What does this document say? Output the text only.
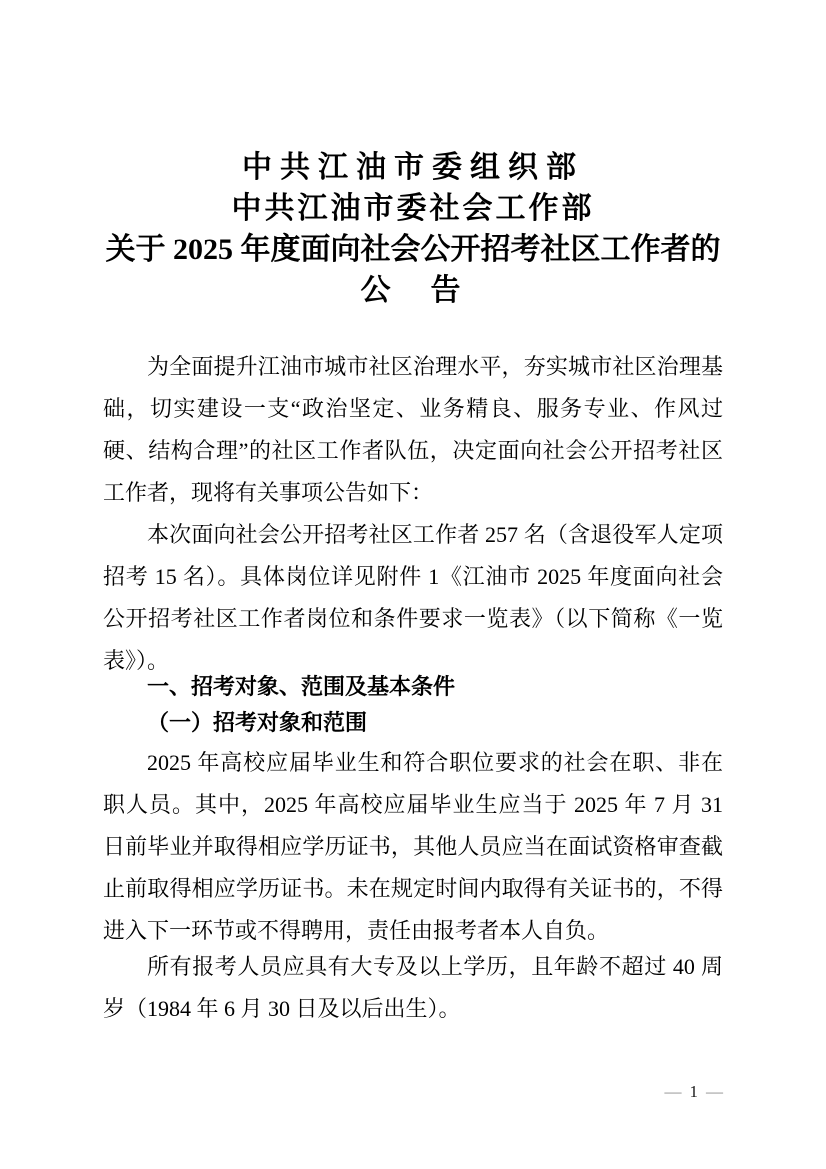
中共江油市委组织部
中共江油市委社会工作部
关于 2025 年度面向社会公开招考社区工作者的
公　告

为全面提升江油市城市社区治理水平，夯实城市社区治理基础，切实建设一支“政治坚定、业务精良、服务专业、作风过硬、结构合理”的社区工作者队伍，决定面向社会公开招考社区工作者，现将有关事项公告如下：

本次面向社会公开招考社区工作者 257 名（含退役军人定项招考 15 名）。具体岗位详见附件 1《江油市 2025 年度面向社会公开招考社区工作者岗位和条件要求一览表》（以下简称《一览表》）。

一、招考对象、范围及基本条件
（一）招考对象和范围

2025 年高校应届毕业生和符合职位要求的社会在职、非在职人员。其中，2025 年高校应届毕业生应当于 2025 年 7 月 31 日前毕业并取得相应学历证书，其他人员应当在面试资格审查截止前取得相应学历证书。未在规定时间内取得有关证书的，不得进入下一环节或不得聘用，责任由报考者本人自负。

所有报考人员应具有大专及以上学历，且年龄不超过 40 周岁（1984 年 6 月 30 日及以后出生）。

— 1 —
